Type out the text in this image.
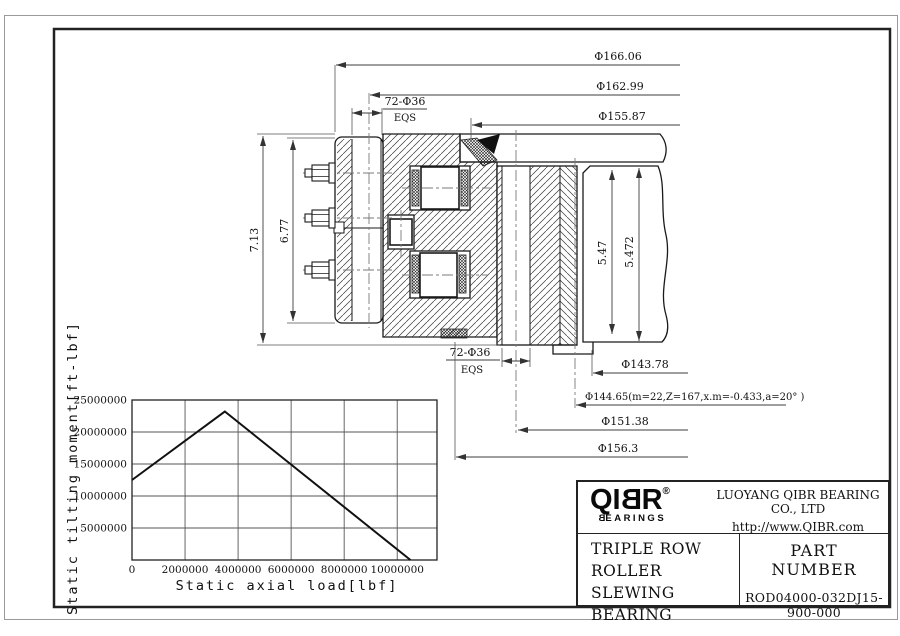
Φ166.06
Φ162.99
Φ155.87
72-Φ36
EQS
7.13 6.77
5.47 5.472
72-Φ36
EQS	Φ143.78
Φ144.65(m=22,Z=167,x.m=-0.433,a=20° )
Φ151.38
Φ156.3
0	2000000 4000000 6000000 8000000 10000000
5000000
10000000
15000000
20000000
25000000
Static axial load[lbf]
Static tilting moment[ft-lbf]	QIBR®
BEARINGS
LUOYANG QIBR BEARING CO., LTD
http://www.QIBR.com
TRIPLE ROW
ROLLER
SLEWING BEARING
PART NUMBER
ROD04000-032DJ15-900-000
